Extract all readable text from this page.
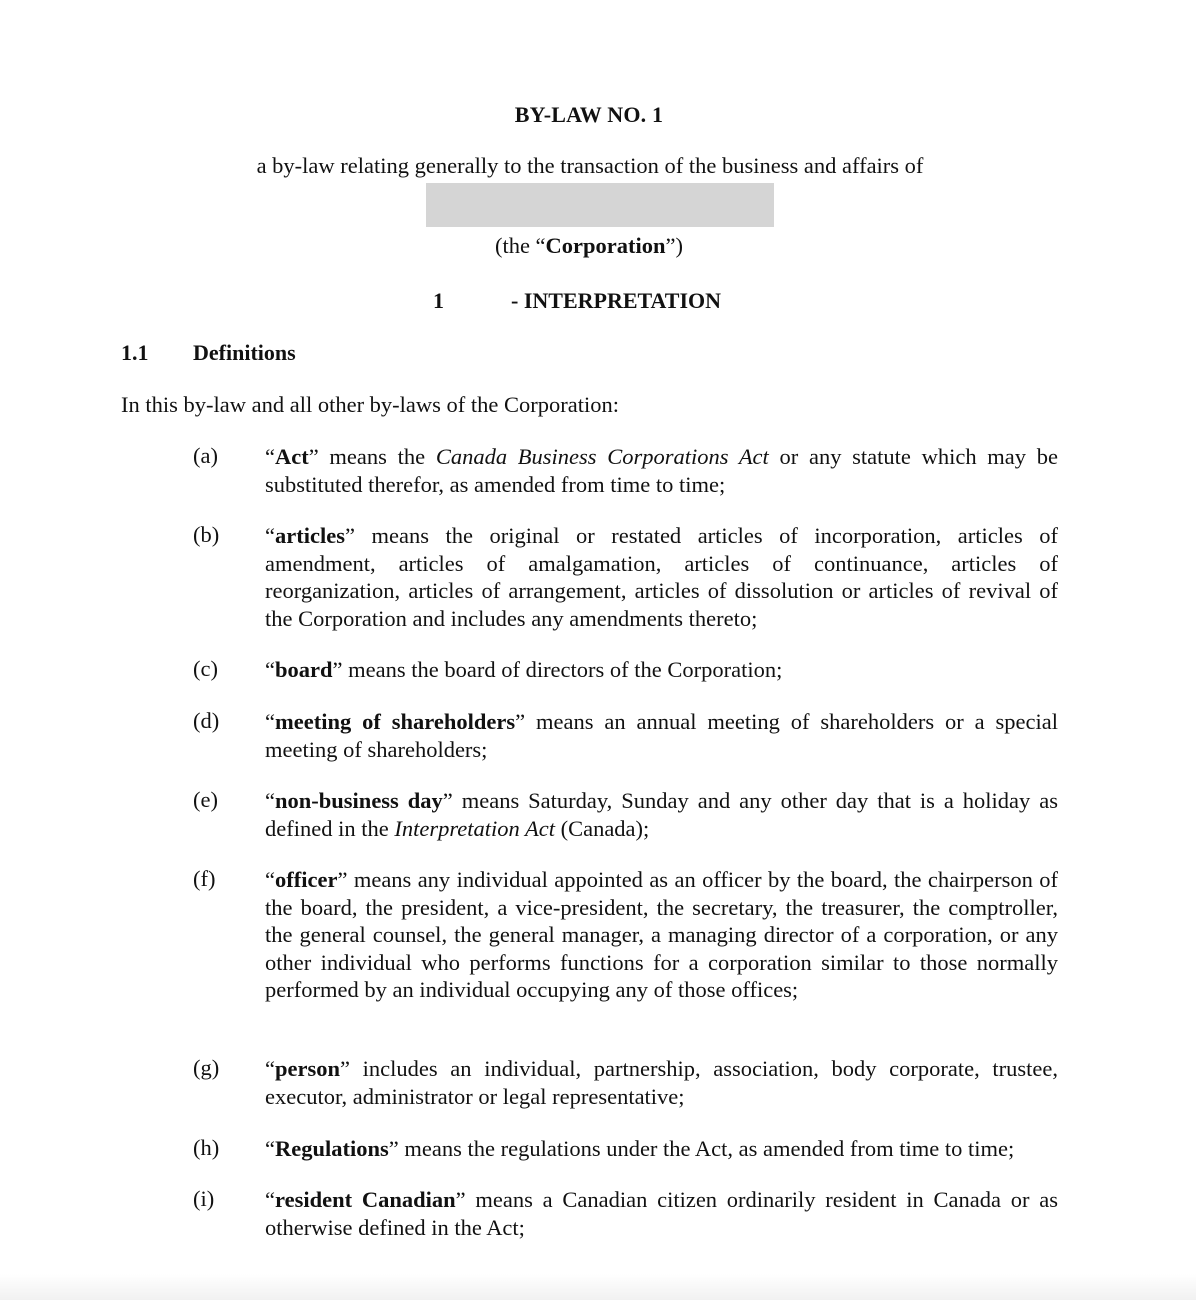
BY-LAW NO. 1
a by-law relating generally to the transaction of the business and affairs of
(the “Corporation”)
1	- INTERPRETATION
1.1 Definitions
In this by-law and all other by-laws of the Corporation:
(a)	“Act” means the Canada Business Corporations Act or any statute which may be substituted therefor, as amended from time to time;
(b)	“articles” means the original or restated articles of incorporation, articles of amendment, articles of amalgamation, articles of continuance, articles of reorganization, articles of arrangement, articles of dissolution or articles of revival of the Corporation and includes any amendments thereto;
(c)	“board” means the board of directors of the Corporation;
(d)	“meeting of shareholders” means an annual meeting of shareholders or a special meeting of shareholders;
(e)	“non-business day” means Saturday, Sunday and any other day that is a holiday as defined in the Interpretation Act (Canada);
(f)	“officer” means any individual appointed as an officer by the board, the chairperson of the board, the president, a vice-president, the secretary, the treasurer, the comptroller, the general counsel, the general manager, a managing director of a corporation, or any other individual who performs functions for a corporation similar to those normally performed by an individual occupying any of those offices;
(g)	“person” includes an individual, partnership, association, body corporate, trustee, executor, administrator or legal representative;
(h)	“Regulations” means the regulations under the Act, as amended from time to time;
(i)	“resident Canadian” means a Canadian citizen ordinarily resident in Canada or as otherwise defined in the Act;
